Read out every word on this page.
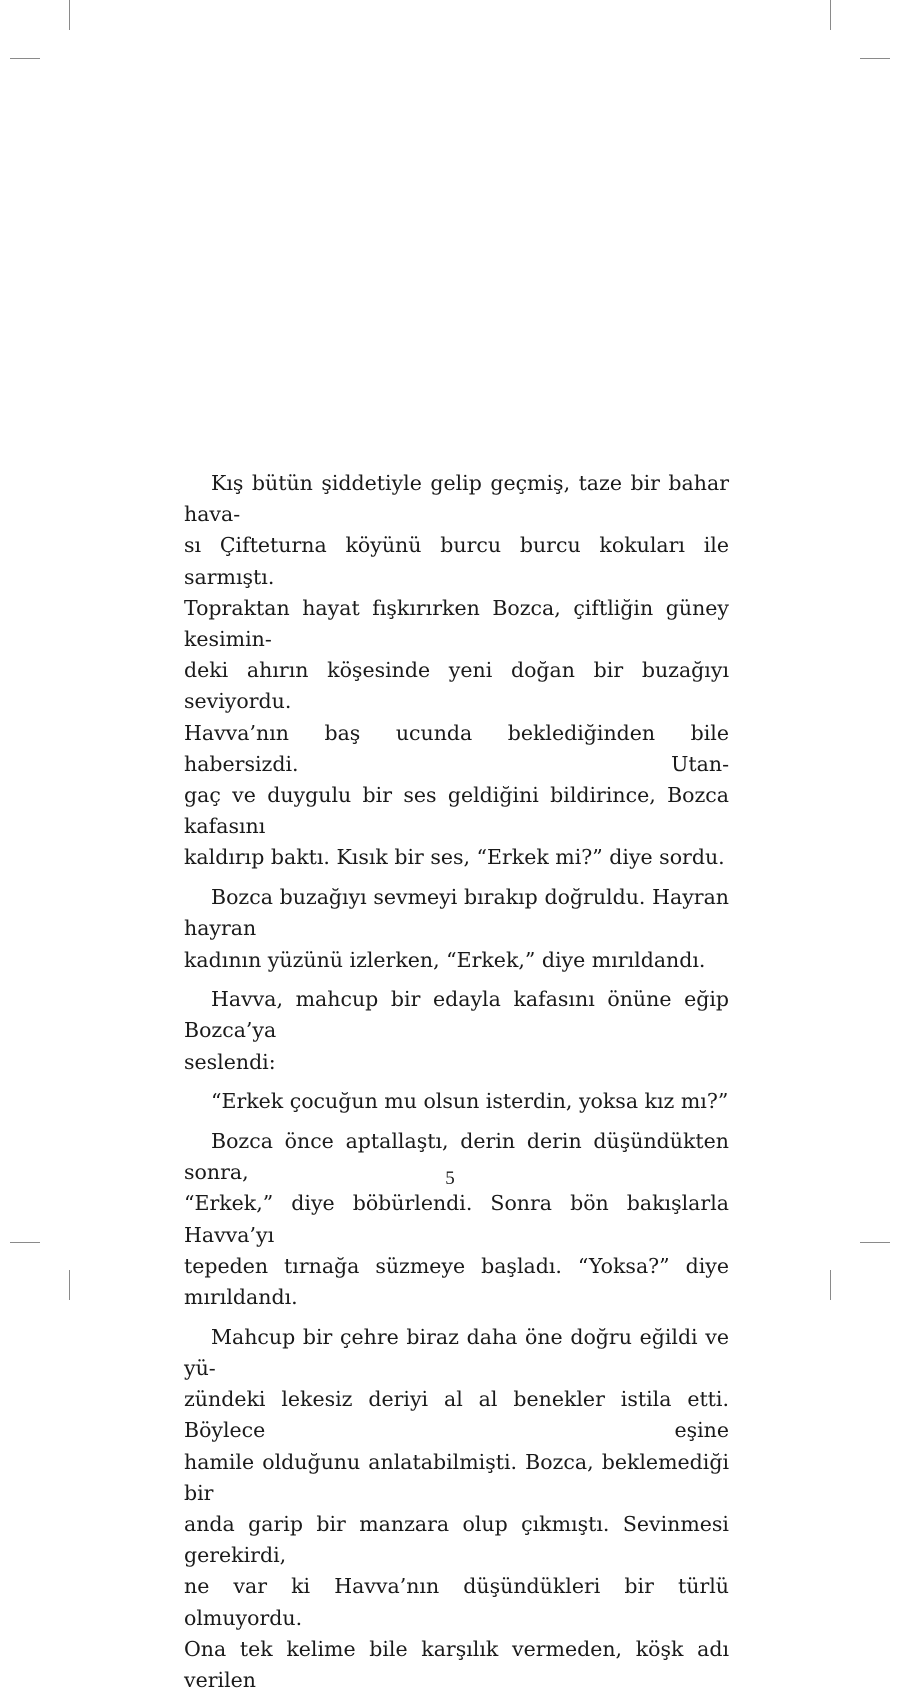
Kış bütün şiddetiyle gelip geçmiş, taze bir bahar hava-
sı Çifteturna köyünü burcu burcu kokuları ile sarmıştı.
Topraktan hayat fışkırırken Bozca, çiftliğin güney kesimin-
deki ahırın köşesinde yeni doğan bir buzağıyı seviyordu.
Havva’nın baş ucunda beklediğinden bile habersizdi. Utan-
gaç ve duygulu bir ses geldiğini bildirince, Bozca kafasını
kaldırıp baktı. Kısık bir ses, “Erkek mi?” diye sordu.
Bozca buzağıyı sevmeyi bırakıp doğruldu. Hayran hayran
kadının yüzünü izlerken, “Erkek,” diye mırıldandı.
Havva, mahcup bir edayla kafasını önüne eğip Bozca’ya
seslendi:
“Erkek çocuğun mu olsun isterdin, yoksa kız mı?”
Bozca önce aptallaştı, derin derin düşündükten sonra,
“Erkek,” diye böbürlendi. Sonra bön bakışlarla Havva’yı
tepeden tırnağa süzmeye başladı. “Yoksa?” diye mırıldandı.
Mahcup bir çehre biraz daha öne doğru eğildi ve yü-
zündeki lekesiz deriyi al al benekler istila etti. Böylece eşine
hamile olduğunu anlatabilmişti. Bozca, beklemediği bir
anda garip bir manzara olup çıkmıştı. Sevinmesi gerekirdi,
ne var ki Havva’nın düşündükleri bir türlü olmuyordu.
Ona tek kelime bile karşılık vermeden, köşk adı verilen
5
